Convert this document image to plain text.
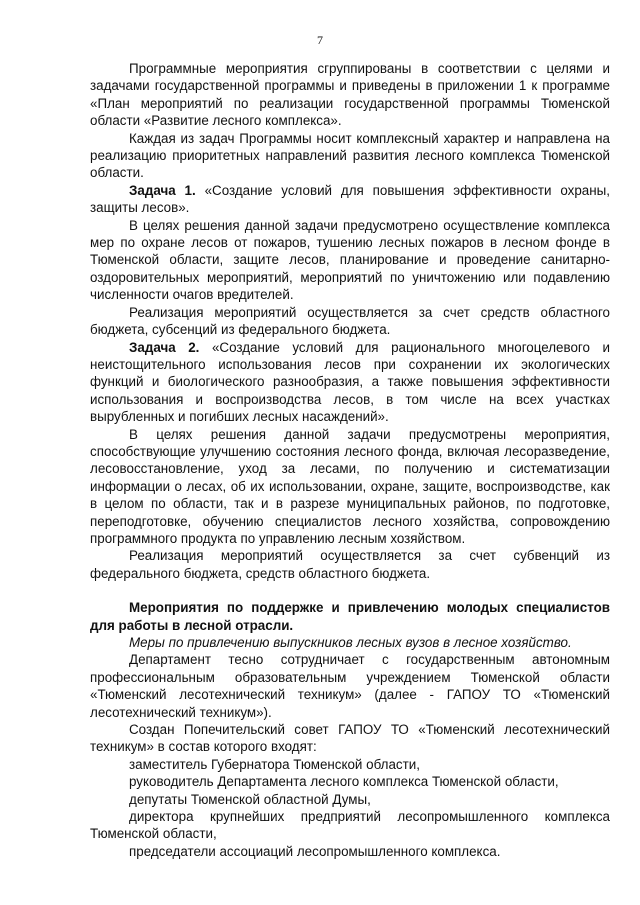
7

Программные мероприятия сгруппированы в соответствии с целями и задачами государственной программы и приведены в приложении 1 к программе «План мероприятий по реализации государственной программы Тюменской области «Развитие лесного комплекса».

Каждая из задач Программы носит комплексный характер и направлена на реализацию приоритетных направлений развития лесного комплекса Тюменской области.

Задача 1. «Создание условий для повышения эффективности охраны, защиты лесов».

В целях решения данной задачи предусмотрено осуществление комплекса мер по охране лесов от пожаров, тушению лесных пожаров в лесном фонде в Тюменской области, защите лесов, планирование и проведение санитарно-оздоровительных мероприятий, мероприятий по уничтожению или подавлению численности очагов вредителей.

Реализация мероприятий осуществляется за счет средств областного бюджета, субсенций из федерального бюджета.

Задача 2. «Создание условий для рационального многоцелевого и неистощительного использования лесов при сохранении их экологических функций и биологического разнообразия, а также повышения эффективности использования и воспроизводства лесов, в том числе на всех участках вырубленных и погибших лесных насаждений».

В целях решения данной задачи предусмотрены мероприятия, способствующие улучшению состояния лесного фонда, включая лесоразведение, лесовосстановление, уход за лесами, по получению и систематизации информации о лесах, об их использовании, охране, защите, воспроизводстве, как в целом по области, так и в разрезе муниципальных районов, по подготовке, переподготовке, обучению специалистов лесного хозяйства, сопровождению программного продукта по управлению лесным хозяйством.

Реализация мероприятий осуществляется за счет субвенций из федерального бюджета, средств областного бюджета.

Мероприятия по поддержке и привлечению молодых специалистов для работы в лесной отрасли.

Меры по привлечению выпускников лесных вузов в лесное хозяйство.

Департамент тесно сотрудничает с государственным автономным профессиональным образовательным учреждением Тюменской области «Тюменский лесотехнический техникум» (далее - ГАПОУ ТО «Тюменский лесотехнический техникум»).

Создан Попечительский совет ГАПОУ ТО «Тюменский лесотехнический техникум» в состав которого входят:

заместитель Губернатора Тюменской области,

руководитель Департамента лесного комплекса Тюменской области,

депутаты Тюменской областной Думы,

директора крупнейших предприятий лесопромышленного комплекса Тюменской области,

председатели ассоциаций лесопромышленного комплекса.
